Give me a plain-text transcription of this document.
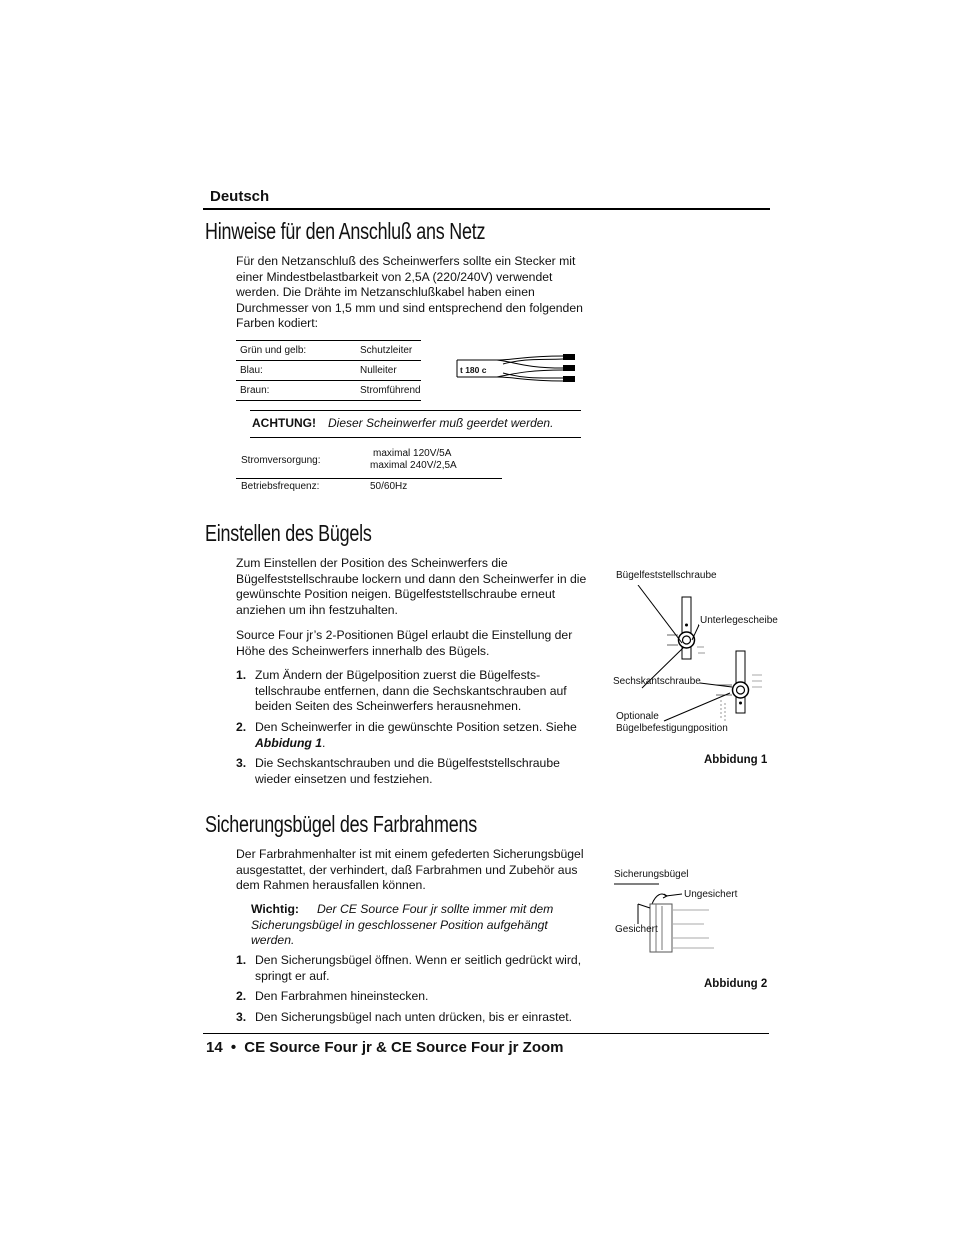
Deutsch
Hinweise für den Anschluß ans Netz
Für den Netzanschluß des Scheinwerfers sollte ein Stecker mit
einer Mindestbelastbarkeit von 2,5A (220/240V) verwendet
werden. Die Drähte im Netzanschlußkabel haben einen
Durchmesser von 1,5 mm und sind entsprechend den folgenden
Farben kodiert:
Grün und gelb:	Schutzleiter
Blau:	Nulleiter
Braun:	Stromführend
t 180 c
ACHTUNG! Dieser Scheinwerfer muß geerdet werden.
Stromversorgung:
maximal 120V/5A
maximal 240V/2,5A
Betriebsfrequenz:	50/60Hz
Einstellen des Bügels
Zum Einstellen der Position des Scheinwerfers die
Bügelfeststellschraube lockern und dann den Scheinwerfer in die
gewünschte Position neigen. Bügelfeststellschraube erneut
anziehen um ihn festzuhalten.
Source Four jr’s 2-Positionen Bügel erlaubt die Einstellung der
Höhe des Scheinwerfers innerhalb des Bügels.
1. Zum Ändern der Bügelposition zuerst die Bügelfests-
tellschraube entfernen, dann die Sechskantschrauben auf
beiden Seiten des Scheinwerfers herausnehmen.
2. Den Scheinwerfer in die gewünschte Position setzen. Siehe
Abbidung 1.
3. Die Sechskantschrauben und die Bügelfeststellschraube
wieder einsetzen und festziehen.
Bügelfeststellschraube
Unterlegescheibe
Sechskantschraube
Optionale
Bügelbefestigungposition
Abbidung 1
Sicherungsbügel des Farbrahmens
Der Farbrahmenhalter ist mit einem gefederten Sicherungsbügel
ausgestattet, der verhindert, daß Farbrahmen und Zubehör aus
dem Rahmen herausfallen können.
Wichtig: Der CE Source Four jr sollte immer mit dem
Sicherungsbügel in geschlossener Position aufgehängt
werden.
1. Den Sicherungsbügel öffnen. Wenn er seitlich gedrückt wird,
springt er auf.
2. Den Farbrahmen hineinstecken.
3. Den Sicherungsbügel nach unten drücken, bis er einrastet.
Sicherungsbügel
Ungesichert
Gesichert
Abbidung 2
14 • CE Source Four jr & CE Source Four jr Zoom
